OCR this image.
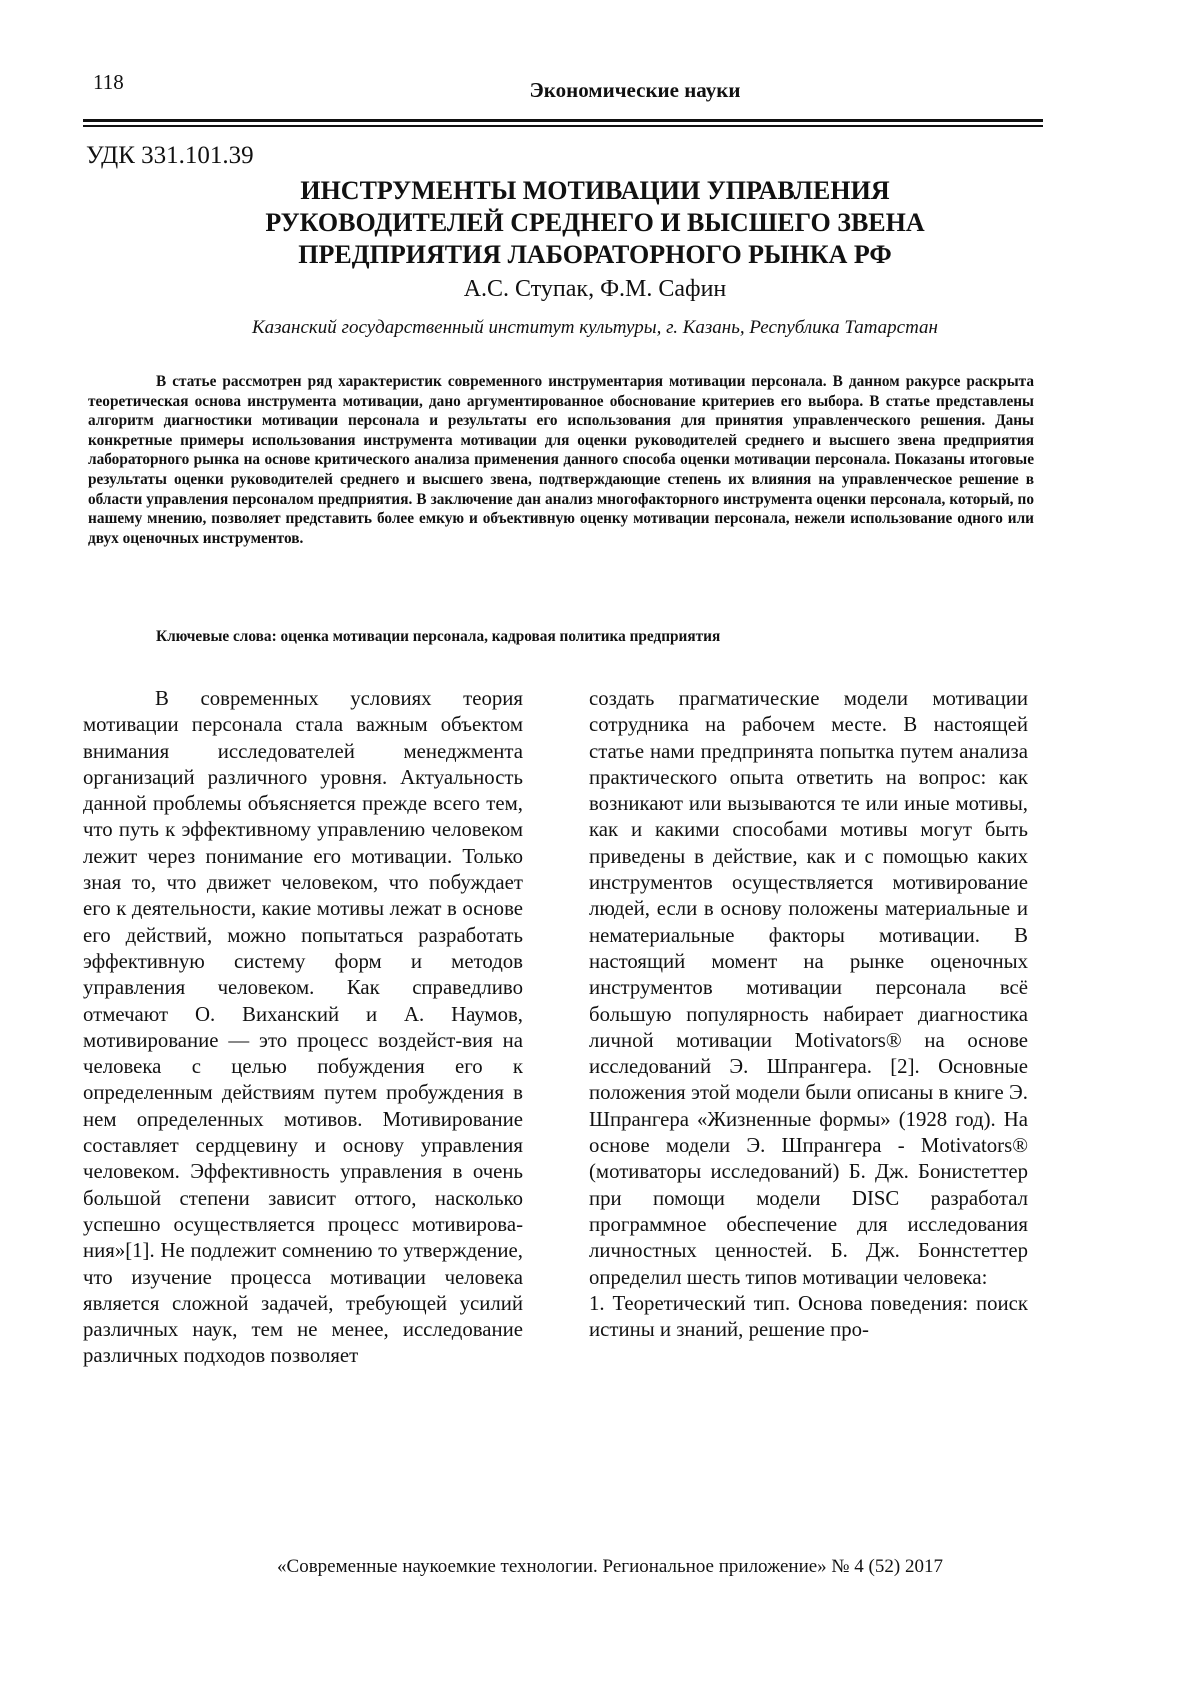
118	Экономические науки
УДК 331.101.39
ИНСТРУМЕНТЫ МОТИВАЦИИ УПРАВЛЕНИЯ
РУКОВОДИТЕЛЕЙ СРЕДНЕГО И ВЫСШЕГО ЗВЕНА
ПРЕДПРИЯТИЯ ЛАБОРАТОРНОГО РЫНКА РФ
А.С. Ступак, Ф.М. Сафин
Казанский государственный институт культуры, г. Казань, Республика Татарстан
В статье рассмотрен ряд характеристик современного инструментария мотивации персонала. В данном ракурсе раскрыта теоретическая основа инструмента мотивации, дано аргументированное обоснование критериев его выбора. В статье представлены алгоритм диагностики мотивации персонала и результаты его использования для принятия управленческого решения. Даны конкретные примеры использования инструмента мотивации для оценки руководителей среднего и высшего звена предприятия лабораторного рынка на основе критического анализа применения данного способа оценки мотивации персонала. Показаны итоговые результаты оценки руководителей среднего и высшего звена, подтверждающие степень их влияния на управленческое решение в области управления персоналом предприятия. В заключение дан анализ многофакторного инструмента оценки персонала, который, по нашему мнению, позволяет представить более емкую и объективную оценку мотивации персонала, нежели использование одного или двух оценочных инструментов.
Ключевые слова: оценка мотивации персонала, кадровая политика предприятия
В современных условиях теория мотивации персонала стала важным объектом внимания исследователей менеджмента организаций различного уровня. Актуальность данной проблемы объясняется прежде всего тем, что путь к эффективному управлению человеком лежит через понимание его мотивации. Только зная то, что движет человеком, что побуждает его к деятельности, какие мотивы лежат в основе его действий, можно попытаться разработать эффективную систему форм и методов управления человеком. Как справедливо отмечают О. Виханский и А. Наумов, мотивирование — это процесс воздейст-вия на человека с целью побуждения его к определенным действиям путем пробуждения в нем определенных мотивов. Мотивирование составляет сердцевину и основу управления человеком. Эффективность управления в очень большой степени зависит оттого, насколько успешно осуществляется процесс мотивирова-ния»[1]. Не подлежит сомнению то утверждение, что изучение процесса мотивации человека является сложной задачей, требующей усилий различных наук, тем не менее, исследование различных подходов позволяет

создать прагматические модели мотивации сотрудника на рабочем месте. В настоящей статье нами предпринята попытка путем анализа практического опыта ответить на вопрос: как возникают или вызываются те или иные мотивы, как и какими способами мотивы могут быть приведены в действие, как и с помощью каких инструментов осуществляется мотивирование людей, если в основу положены материальные и нематериальные факторы мотивации. В настоящий момент на рынке оценочных инструментов мотивации персонала всё большую популярность набирает диагностика личной мотивации Motivators® на основе исследований Э. Шпрангера. [2]. Основные положения этой модели были описаны в книге Э. Шпрангера «Жизненные формы» (1928 год). На основе модели Э. Шпрангера - Motivators® (мотиваторы исследований) Б. Дж. Бонистеттер при помощи модели DISC разработал программное обеспечение для исследования личностных ценностей. Б. Дж. Боннстеттер определил шесть типов мотивации человека:

1. Теоретический тип. Основа поведения: поиск истины и знаний, решение про-

«Современные наукоемкие технологии. Региональное приложение» № 4 (52) 2017
